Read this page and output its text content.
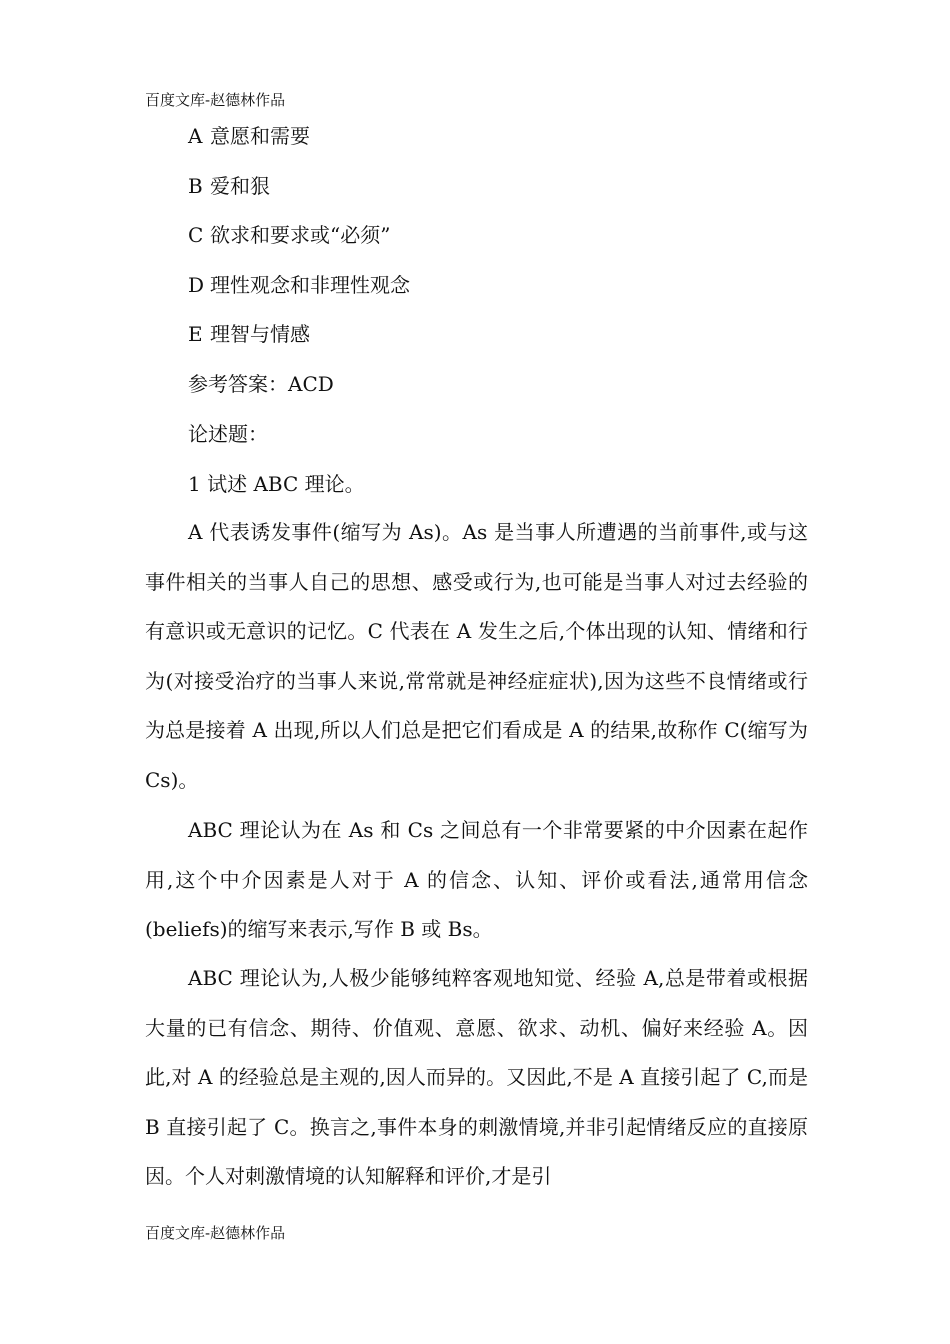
百度文库-赵德林作品
A 意愿和需要
B 爱和狠
C 欲求和要求或“必须”
D 理性观念和非理性观念
E 理智与情感
参考答案：ACD
论述题：
1 试述 ABC 理论。

A 代表诱发事件(缩写为 As)。As 是当事人所遭遇的当前事件,或与这事件相关的当事人自己的思想、感受或行为,也可能是当事人对过去经验的有意识或无意识的记忆。C 代表在 A 发生之后,个体出现的认知、情绪和行为(对接受治疗的当事人来说,常常就是神经症症状),因为这些不良情绪或行为总是接着 A 出现,所以人们总是把它们看成是 A 的结果,故称作 C(缩写为 Cs)。

ABC 理论认为在 As 和 Cs 之间总有一个非常要紧的中介因素在起作用,这个中介因素是人对于 A 的信念、认知、评价或看法,通常用信念(beliefs)的缩写来表示,写作 B 或 Bs。

ABC 理论认为,人极少能够纯粹客观地知觉、经验 A,总是带着或根据大量的已有信念、期待、价值观、意愿、欲求、动机、偏好来经验 A。因此,对 A 的经验总是主观的,因人而异的。又因此,不是 A 直接引起了 C,而是 B 直接引起了 C。换言之,事件本身的刺激情境,并非引起情绪反应的直接原因。个人对刺激情境的认知解释和评价,才是引

百度文库-赵德林作品
